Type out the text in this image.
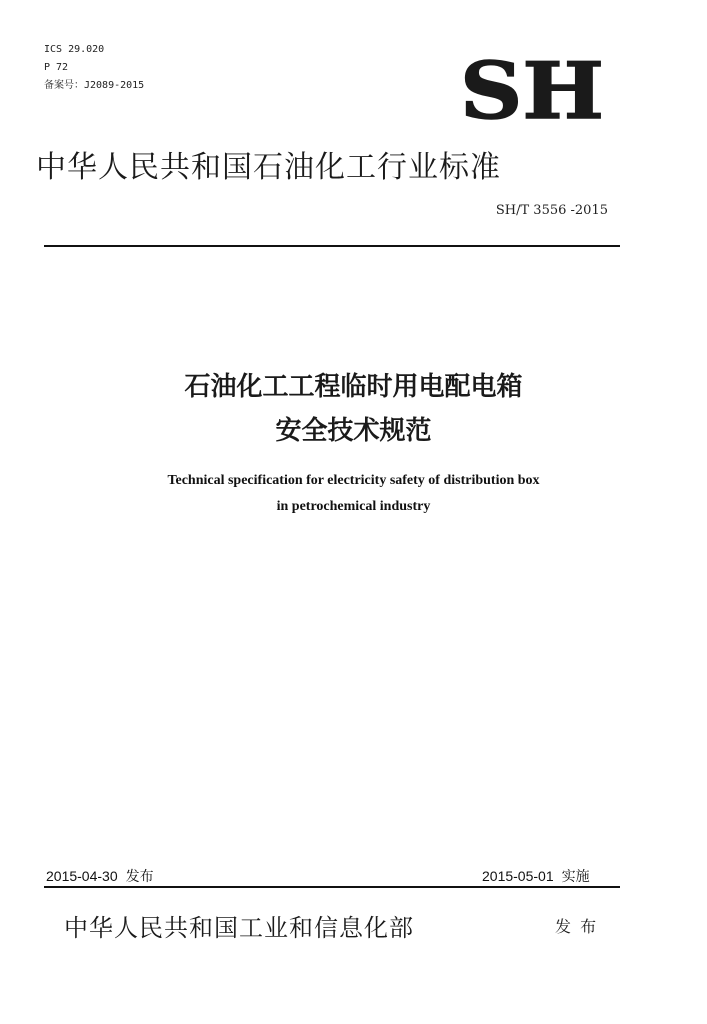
ICS 29.020
P 72
备案号：J2089-2015	SH
中华人民共和国石油化工行业标准
SH/T 3556 -2015
石油化工工程临时用电配电箱
安全技术规范
Technical specification for electricity safety of distribution box
in petrochemical industry
2015-04-30 发布	2015-05-01 实施
中华人民共和国工业和信息化部	发 布
